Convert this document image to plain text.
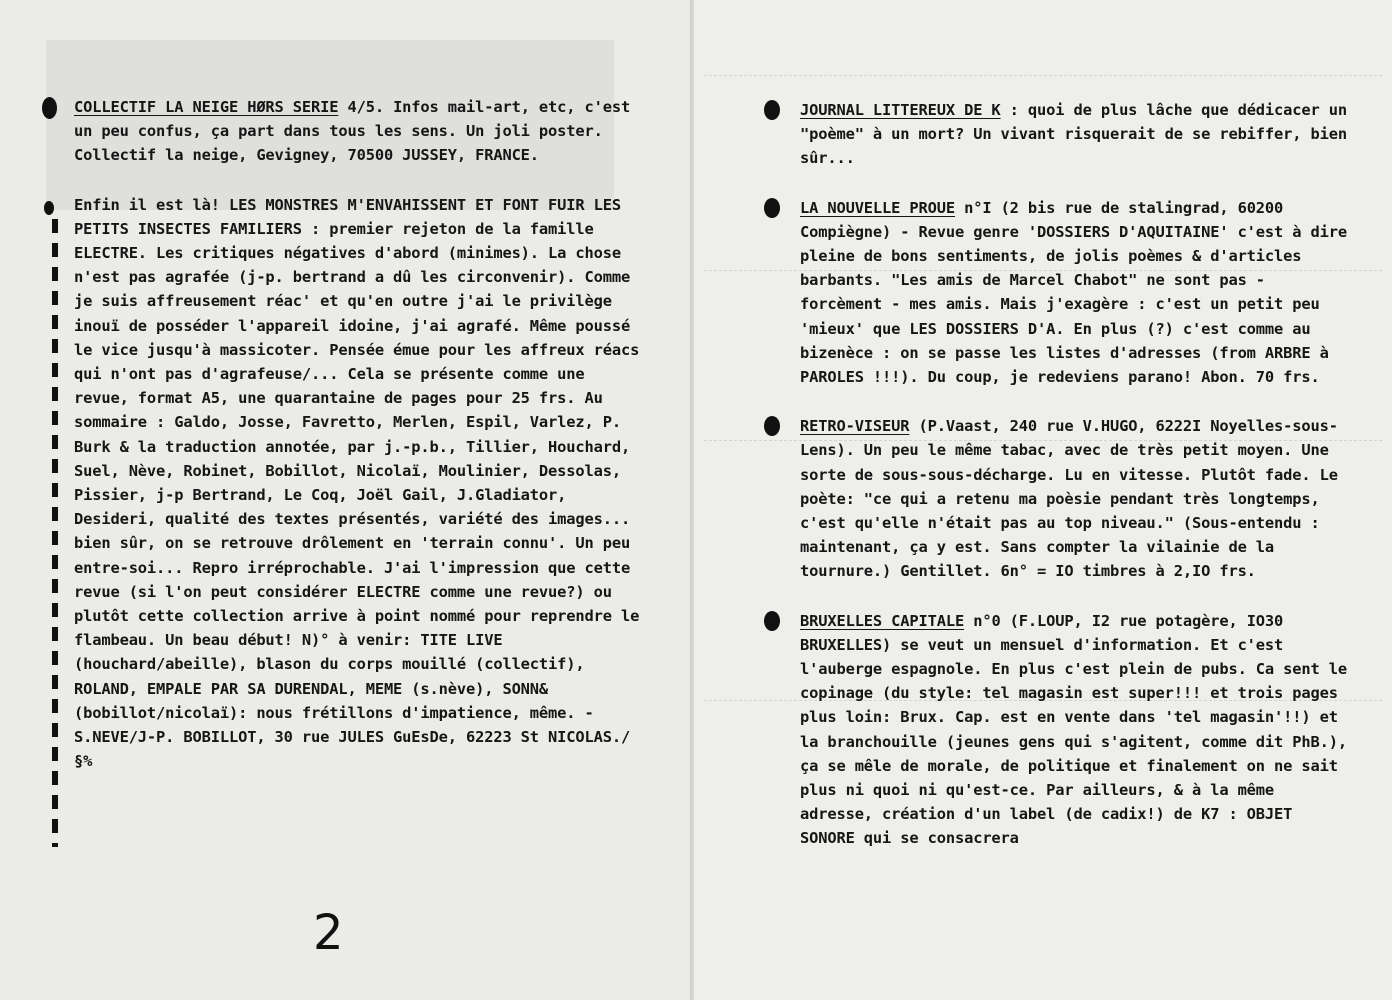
COLLECTIF LA NEIGE HØRS SERIE 4/5. Infos mail-art, etc, c'est un peu confus, ça part dans tous les sens. Un joli poster. Collectif la neige, Gevigney, 70500 JUSSEY, FRANCE.

Enfin il est là! LES MONSTRES M'ENVAHISSENT ET FONT FUIR LES PETITS INSECTES FAMILIERS : premier rejeton de la famille ELECTRE. Les critiques négatives d'abord (minimes). La chose n'est pas agrafée (j-p. bertrand a dû les circonvenir). Comme je suis affreusement réac' et qu'en outre j'ai le privilège inouï de posséder l'appareil idoine, j'ai agrafé. Même poussé le vice jusqu'à massicoter. Pensée émue pour les affreux réacs qui n'ont pas d'agrafeuse/... Cela se présente comme une revue, format A5, une quarantaine de pages pour 25 frs. Au sommaire : Galdo, Josse, Favretto, Merlen, Espil, Varlez, P. Burk & la traduction annotée, par j.-p.b., Tillier, Houchard, Suel, Nève, Robinet, Bobillot, Nicolaï, Moulinier, Dessolas, Pissier, j-p Bertrand, Le Coq, Joël Gail, J.Gladiator, Desideri, qualité des textes présentés, variété des images... bien sûr, on se retrouve drôlement en 'terrain connu'. Un peu entre-soi... Repro irréprochable. J'ai l'impression que cette revue (si l'on peut considérer ELECTRE comme une revue?) ou plutôt cette collection arrive à point nommé pour reprendre le flambeau. Un beau début! N)° à venir: TITE LIVE (houchard/abeille), blason du corps mouillé (collectif), ROLAND, EMPALE PAR SA DURENDAL, MEME (s.nève), SONN& (bobillot/nicolaï): nous frétillons d'impatience, même. - S.NEVE/J-P. BOBILLOT, 30 rue JULES GuEsDe, 62223 St NICOLAS./§%

2

JOURNAL LITTEREUX DE K : quoi de plus lâche que dédicacer un "poème" à un mort? Un vivant risquerait de se rebiffer, bien sûr...

LA NOUVELLE PROUE n°I (2 bis rue de stalingrad, 60200 Compiègne) - Revue genre 'DOSSIERS D'AQUITAINE' c'est à dire pleine de bons sentiments, de jolis poèmes & d'articles barbants. "Les amis de Marcel Chabot" ne sont pas - forcèment - mes amis. Mais j'exagère : c'est un petit peu 'mieux' que LES DOSSIERS D'A. En plus (?) c'est comme au bizenèce : on se passe les listes d'adresses (from ARBRE à PAROLES !!!). Du coup, je redeviens parano! Abon. 70 frs.

RETRO-VISEUR (P.Vaast, 240 rue V.HUGO, 6222I Noyelles-sous-Lens). Un peu le même tabac, avec de très petit moyen. Une sorte de sous-sous-décharge. Lu en vitesse. Plutôt fade. Le poète: "ce qui a retenu ma poèsie pendant très longtemps, c'est qu'elle n'était pas au top niveau." (Sous-entendu : maintenant, ça y est. Sans compter la vilainie de la tournure.) Gentillet. 6n° = IO timbres à 2,IO frs.

BRUXELLES CAPITALE n°0 (F.LOUP, I2 rue potagère, IO30 BRUXELLES) se veut un mensuel d'information. Et c'est l'auberge espagnole. En plus c'est plein de pubs. Ca sent le copinage (du style: tel magasin est super!!! et trois pages plus loin: Brux. Cap. est en vente dans 'tel magasin'!!) et la branchouille (jeunes gens qui s'agitent, comme dit PhB.), ça se mêle de morale, de politique et finalement on ne sait plus ni quoi ni qu'est-ce. Par ailleurs, & à la même adresse, création d'un label (de cadix!) de K7 : OBJET SONORE qui se consacrera
